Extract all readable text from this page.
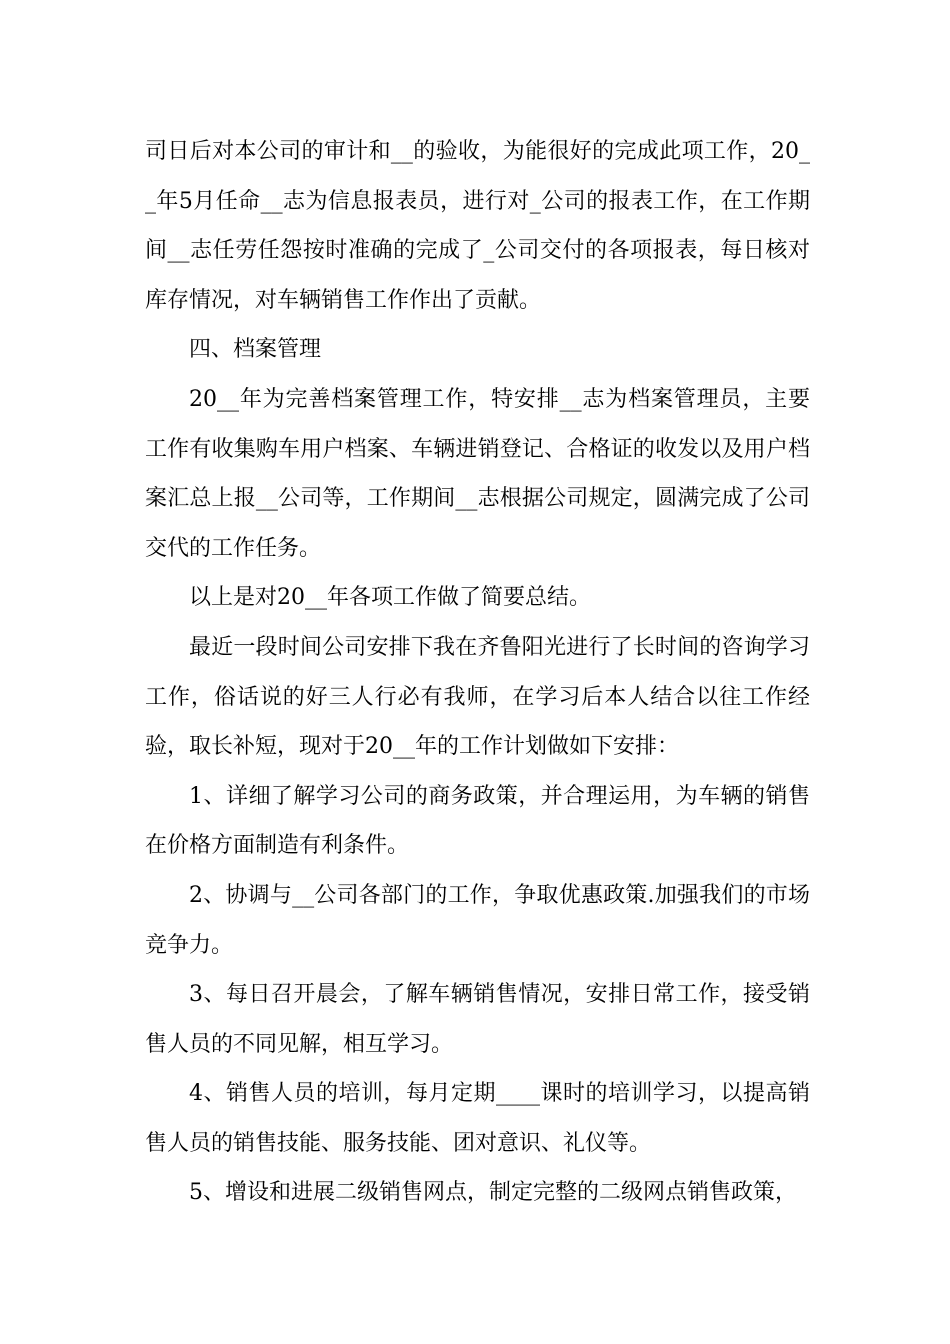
司日后对本公司的审计和__的验收，为能很好的完成此项工作，20__年5月任命__志为信息报表员，进行对_公司的报表工作，在工作期间__志任劳任怨按时准确的完成了_公司交付的各项报表，每日核对库存情况，对车辆销售工作作出了贡献。

四、档案管理

20__年为完善档案管理工作，特安排__志为档案管理员，主要工作有收集购车用户档案、车辆进销登记、合格证的收发以及用户档案汇总上报__公司等，工作期间__志根据公司规定，圆满完成了公司交代的工作任务。

以上是对20__年各项工作做了简要总结。

最近一段时间公司安排下我在齐鲁阳光进行了长时间的咨询学习工作，俗话说的好三人行必有我师，在学习后本人结合以往工作经验，取长补短，现对于20__年的工作计划做如下安排：

1、详细了解学习公司的商务政策，并合理运用，为车辆的销售在价格方面制造有利条件。

2、协调与__公司各部门的工作，争取优惠政策.加强我们的市场竞争力。

3、每日召开晨会，了解车辆销售情况，安排日常工作，接受销售人员的不同见解，相互学习。

4、销售人员的培训，每月定期____课时的培训学习，以提高销售人员的销售技能、服务技能、团对意识、礼仪等。

5、增设和进展二级销售网点，制定完整的二级网点销售政策，
